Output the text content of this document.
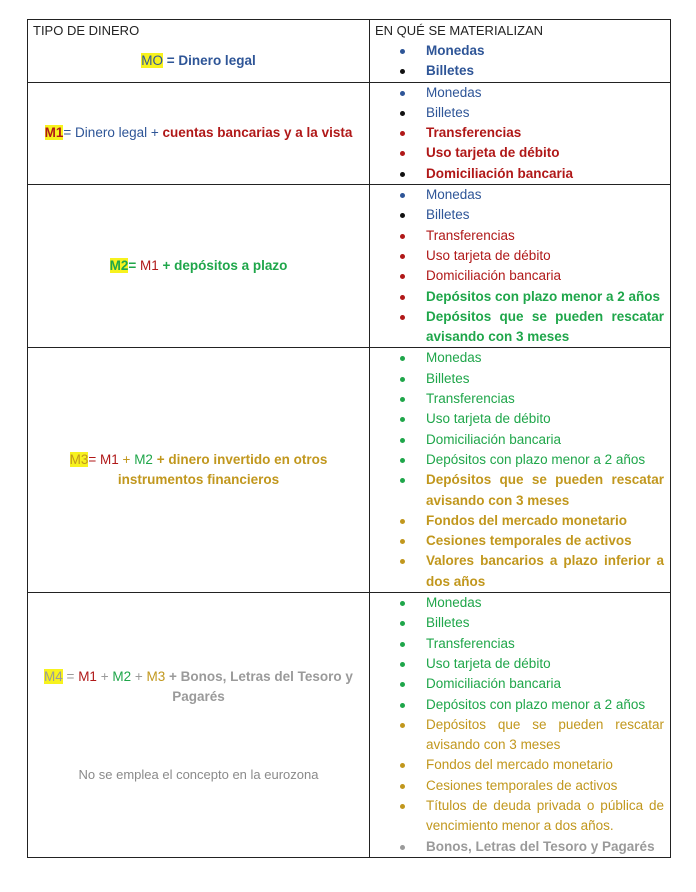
TIPO DE DINERO	EN QUÉ SE MATERIALIZAN
MO = Dinero legal
Monedas
Billetes
M1= Dinero legal + cuentas bancarias y a la vista
Monedas
Billetes
Transferencias
Uso tarjeta de débito
Domiciliación bancaria
M2= M1 + depósitos a plazo
Monedas
Billetes
Transferencias
Uso tarjeta de débito
Domiciliación bancaria
Depósitos con plazo menor a 2 años
Depósitos que se pueden rescatar avisando con 3 meses
M3= M1 + M2 + dinero invertido en otros instrumentos financieros
Monedas
Billetes
Transferencias
Uso tarjeta de débito
Domiciliación bancaria
Depósitos con plazo menor a 2 años
Depósitos que se pueden rescatar avisando con 3 meses
Fondos del mercado monetario
Cesiones temporales de activos
Valores bancarios a plazo inferior a dos años
M4 = M1 + M2 + M3 + Bonos, Letras del Tesoro y Pagarés
No se emplea el concepto en la eurozona
Monedas
Billetes
Transferencias
Uso tarjeta de débito
Domiciliación bancaria
Depósitos con plazo menor a 2 años
Depósitos que se pueden rescatar avisando con 3 meses
Fondos del mercado monetario
Cesiones temporales de activos
Títulos de deuda privada o pública de vencimiento menor a dos años.
Bonos, Letras del Tesoro y Pagarés
